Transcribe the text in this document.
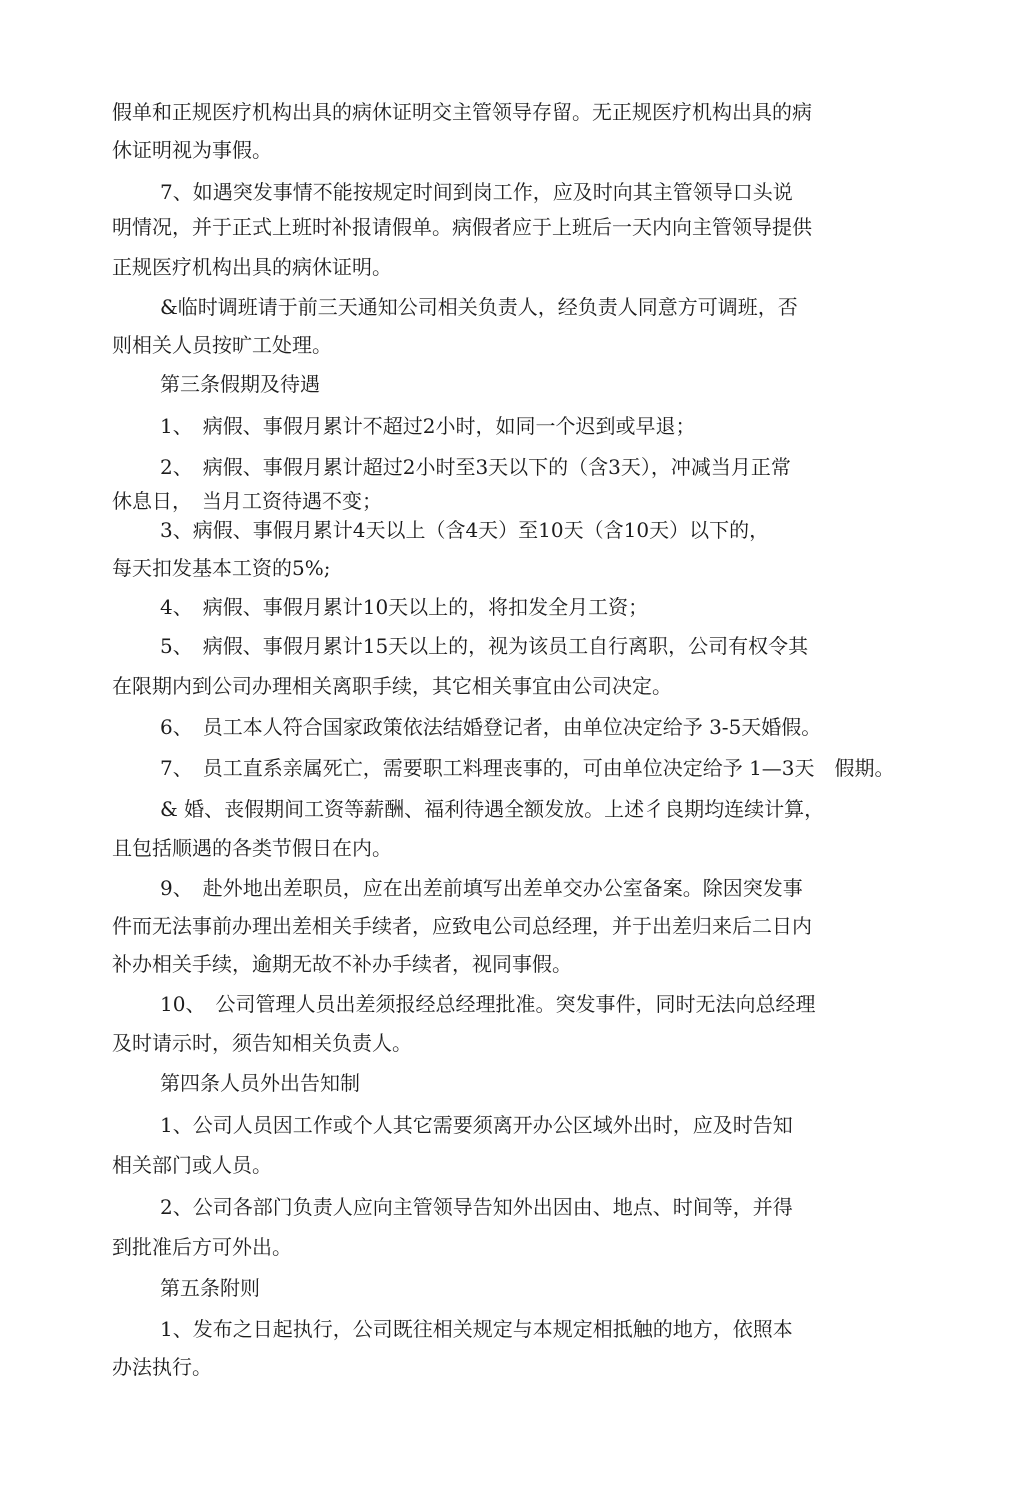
假单和正规医疗机构出具的病休证明交主管领导存留。无正规医疗机构出具的病
休证明视为事假。
7、如遇突发事情不能按规定时间到岗工作，应及时向其主管领导口头说
明情况，并于正式上班时补报请假单。病假者应于上班后一天内向主管领导提供
正规医疗机构出具的病休证明。
&临时调班请于前三天通知公司相关负责人，经负责人同意方可调班，否
则相关人员按旷工处理。
第三条假期及待遇
1、　病假、事假月累计不超过2小时，如同一个迟到或早退；
2、　病假、事假月累计超过2小时至3天以下的（含3天），冲减当月正常
休息日，　当月工资待遇不变；
3、病假、事假月累计4天以上（含4天）至10天（含10天）以下的，
每天扣发基本工资的5%;
4、　病假、事假月累计10天以上的，将扣发全月工资；
5、　病假、事假月累计15天以上的，视为该员工自行离职，公司有权令其
在限期内到公司办理相关离职手续，其它相关事宜由公司决定。
6、　员工本人符合国家政策依法结婚登记者，由单位决定给予 3-5天婚假。
7、　员工直系亲属死亡，需要职工料理丧事的，可由单位决定给予 1—3天　假期。
& 婚、丧假期间工资等薪酬、福利待遇全额发放。上述彳良期均连续计算，
且包括顺遇的各类节假日在内。
9、　赴外地出差职员，应在出差前填写出差单交办公室备案。除因突发事
件而无法事前办理出差相关手续者，应致电公司总经理，并于出差归来后二日内
补办相关手续，逾期无故不补办手续者，视同事假。
10、　公司管理人员出差须报经总经理批准。突发事件，同时无法向总经理
及时请示时，须告知相关负责人。
第四条人员外出告知制
1、公司人员因工作或个人其它需要须离开办公区域外出时，应及时告知
相关部门或人员。
2、公司各部门负责人应向主管领导告知外出因由、地点、时间等，并得
到批准后方可外出。
第五条附则
1、发布之日起执行，公司既往相关规定与本规定相抵触的地方，依照本
办法执行。
